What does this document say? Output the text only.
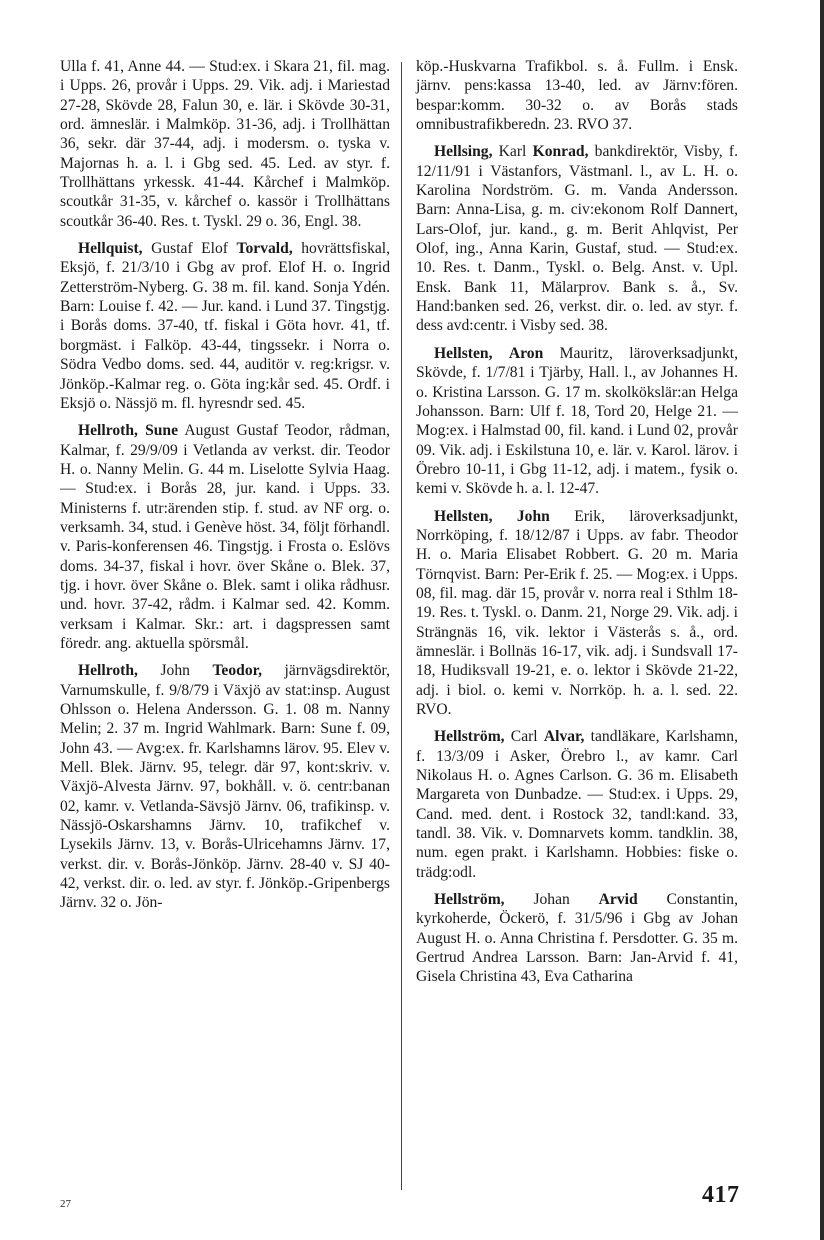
Ulla f. 41, Anne 44. — Stud:ex. i Skara 21, fil. mag. i Upps. 26, provår i Upps. 29. Vik. adj. i Mariestad 27-28, Skövde 28, Falun 30, e. lär. i Skövde 30-31, ord. ämneslär. i Malmköp. 31-36, adj. i Trollhättan 36, sekr. där 37-44, adj. i modersm. o. tyska v. Majornas h. a. l. i Gbg sed. 45. Led. av styr. f. Trollhättans yrkessk. 41-44. Kårchef i Malmköp. scoutkår 31-35, v. kårchef o. kassör i Trollhättans scoutkår 36-40. Res. t. Tyskl. 29 o. 36, Engl. 38.

Hellquist, Gustaf Elof Torvald, hovrättsfiskal, Eksjö, f. 21/3/10 i Gbg av prof. Elof H. o. Ingrid Zetterström-Nyberg. G. 38 m. fil. kand. Sonja Ydén. Barn: Louise f. 42. — Jur. kand. i Lund 37. Tingstjg. i Borås doms. 37-40, tf. fiskal i Göta hovr. 41, tf. borgmäst. i Falköp. 43-44, tingssekr. i Norra o. Södra Vedbo doms. sed. 44, auditör v. reg:krigsr. v. Jönköp.-Kalmar reg. o. Göta ing:kår sed. 45. Ordf. i Eksjö o. Nässjö m. fl. hyresndr sed. 45.

Hellroth, Sune August Gustaf Teodor, rådman, Kalmar, f. 29/9/09 i Vetlanda av verkst. dir. Teodor H. o. Nanny Melin. G. 44 m. Liselotte Sylvia Haag. — Stud:ex. i Borås 28, jur. kand. i Upps. 33. Ministerns f. utr:ärenden stip. f. stud. av NF org. o. verksamh. 34, stud. i Genève höst. 34, följt förhandl. v. Paris-konferensen 46. Tingstjg. i Frosta o. Eslövs doms. 34-37, fiskal i hovr. över Skåne o. Blek. 37, tjg. i hovr. över Skåne o. Blek. samt i olika rådhusr. und. hovr. 37-42, rådm. i Kalmar sed. 42. Komm. verksam i Kalmar. Skr.: art. i dagspressen samt föredr. ang. aktuella spörsmål.

Hellroth, John Teodor, järnvägsdirektör, Varnumskulle, f. 9/8/79 i Växjö av stat:insp. August Ohlsson o. Helena Andersson. G. 1. 08 m. Nanny Melin; 2. 37 m. Ingrid Wahlmark. Barn: Sune f. 09, John 43. — Avg:ex. fr. Karlshamns lärov. 95. Elev v. Mell. Blek. Järnv. 95, telegr. där 97, kont:skriv. v. Växjö-Alvesta Järnv. 97, bokhåll. v. ö. centr:banan 02, kamr. v. Vetlanda-Sävsjö Järnv. 06, trafikinsp. v. Nässjö-Oskarshamns Järnv. 10, trafikchef v. Lysekils Järnv. 13, v. Borås-Ulricehamns Järnv. 17, verkst. dir. v. Borås-Jönköp. Järnv. 28-40 v. SJ 40-42, verkst. dir. o. led. av styr. f. Jönköp.-Gripenbergs Järnv. 32 o. Jön-

köp.-Huskvarna Trafikbol. s. å. Fullm. i Ensk. järnv. pens:kassa 13-40, led. av Järnv:fören. bespar:komm. 30-32 o. av Borås stads omnibustrafikberedn. 23. RVO 37.

Hellsing, Karl Konrad, bankdirektör, Visby, f. 12/11/91 i Västanfors, Västmanl. l., av L. H. o. Karolina Nordström. G. m. Vanda Andersson. Barn: Anna-Lisa, g. m. civ:ekonom Rolf Dannert, Lars-Olof, jur. kand., g. m. Berit Ahlqvist, Per Olof, ing., Anna Karin, Gustaf, stud. — Stud:ex. 10. Res. t. Danm., Tyskl. o. Belg. Anst. v. Upl. Ensk. Bank 11, Mälarprov. Bank s. å., Sv. Hand:banken sed. 26, verkst. dir. o. led. av styr. f. dess avd:centr. i Visby sed. 38.

Hellsten, Aron Mauritz, läroverksadjunkt, Skövde, f. 1/7/81 i Tjärby, Hall. l., av Johannes H. o. Kristina Larsson. G. 17 m. skolkökslär:an Helga Johansson. Barn: Ulf f. 18, Tord 20, Helge 21. — Mog:ex. i Halmstad 00, fil. kand. i Lund 02, provår 09. Vik. adj. i Eskilstuna 10, e. lär. v. Karol. lärov. i Örebro 10-11, i Gbg 11-12, adj. i matem., fysik o. kemi v. Skövde h. a. l. 12-47.

Hellsten, John Erik, läroverksadjunkt, Norrköping, f. 18/12/87 i Upps. av fabr. Theodor H. o. Maria Elisabet Robbert. G. 20 m. Maria Törnqvist. Barn: Per-Erik f. 25. — Mog:ex. i Upps. 08, fil. mag. där 15, provår v. norra real i Sthlm 18-19. Res. t. Tyskl. o. Danm. 21, Norge 29. Vik. adj. i Strängnäs 16, vik. lektor i Västerås s. å., ord. ämneslär. i Bollnäs 16-17, vik. adj. i Sundsvall 17-18, Hudiksvall 19-21, e. o. lektor i Skövde 21-22, adj. i biol. o. kemi v. Norrköp. h. a. l. sed. 22. RVO.

Hellström, Carl Alvar, tandläkare, Karlshamn, f. 13/3/09 i Asker, Örebro l., av kamr. Carl Nikolaus H. o. Agnes Carlson. G. 36 m. Elisabeth Margareta von Dunbadze. — Stud:ex. i Upps. 29, Cand. med. dent. i Rostock 32, tandl:kand. 33, tandl. 38. Vik. v. Domnarvets komm. tandklin. 38, num. egen prakt. i Karlshamn. Hobbies: fiske o. trädg:odl.

Hellström, Johan Arvid Constantin, kyrkoherde, Öckerö, f. 31/5/96 i Gbg av Johan August H. o. Anna Christina f. Persdotter. G. 35 m. Gertrud Andrea Larsson. Barn: Jan-Arvid f. 41, Gisela Christina 43, Eva Catharina

27	417
